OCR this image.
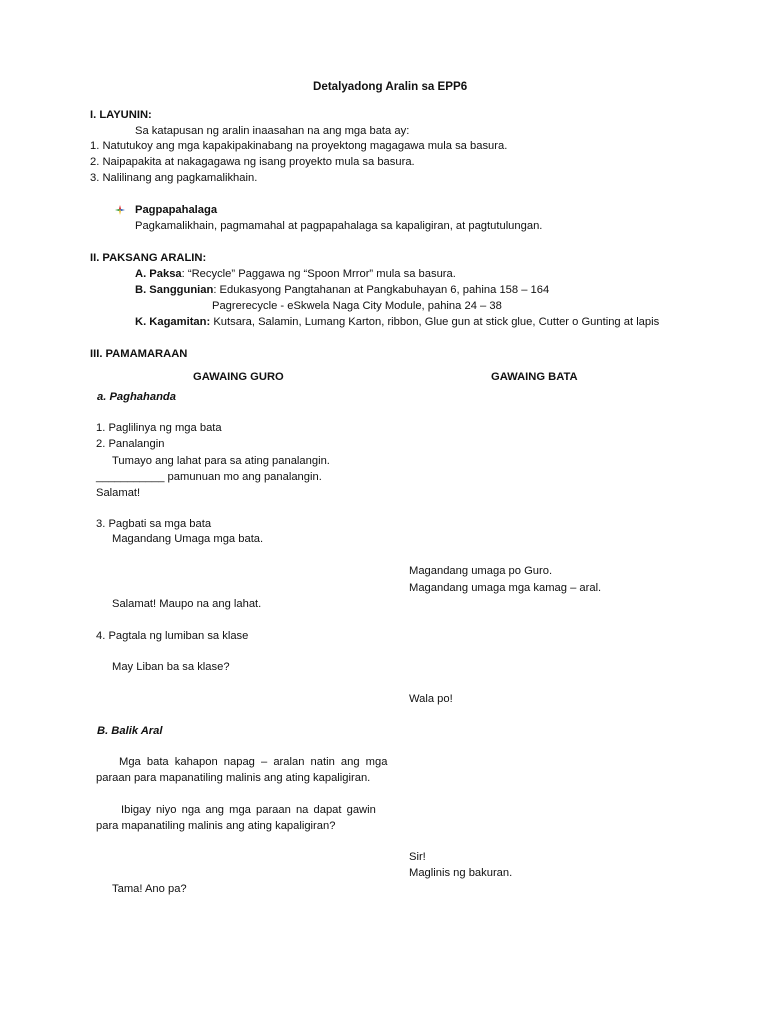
Detalyadong Aralin sa EPP6
I. LAYUNIN:
Sa katapusan ng aralin inaasahan na ang mga bata ay:
1. Natutukoy ang mga kapakipakinabang na proyektong magagawa mula sa basura.
2. Naipapakita at nakagagawa ng isang proyekto mula sa basura.
3. Nalilinang ang pagkamalikhain.
Pagpapahalaga
Pagkamalikhain, pagmamahal at pagpapahalaga sa kapaligiran, at pagtutulungan.
II. PAKSANG ARALIN:
A. Paksa: “Recycle” Paggawa ng “Spoon Mrror” mula sa basura.
B. Sanggunian: Edukasyong Pangtahanan at Pangkabuhayan 6, pahina 158 – 164
Pagrerecycle - eSkwela Naga City Module, pahina 24 – 38
K. Kagamitan: Kutsara, Salamin, Lumang Karton, ribbon, Glue gun at stick glue, Cutter o Gunting at lapis
III. PAMAMARAAN
GAWAING GURO	GAWAING BATA
a. Paghahanda
1. Paglilinya ng mga bata
2. Panalangin
Tumayo ang lahat para sa ating panalangin.
___________ pamunuan mo ang panalangin.
Salamat!
3. Pagbati sa mga bata
Magandang Umaga mga bata.
Magandang umaga po Guro.
Magandang umaga mga kamag – aral.
Salamat! Maupo na ang lahat.
4. Pagtala ng lumiban sa klase
May Liban ba sa klase?
Wala po!
B. Balik Aral
Mga bata kahapon napag – aralan natin ang mga
paraan para mapanatiling malinis ang ating kapaligiran.
Ibigay niyo nga ang mga paraan na dapat gawin
para mapanatiling malinis ang ating kapaligiran?
Sir!
Maglinis ng bakuran.
Tama! Ano pa?
